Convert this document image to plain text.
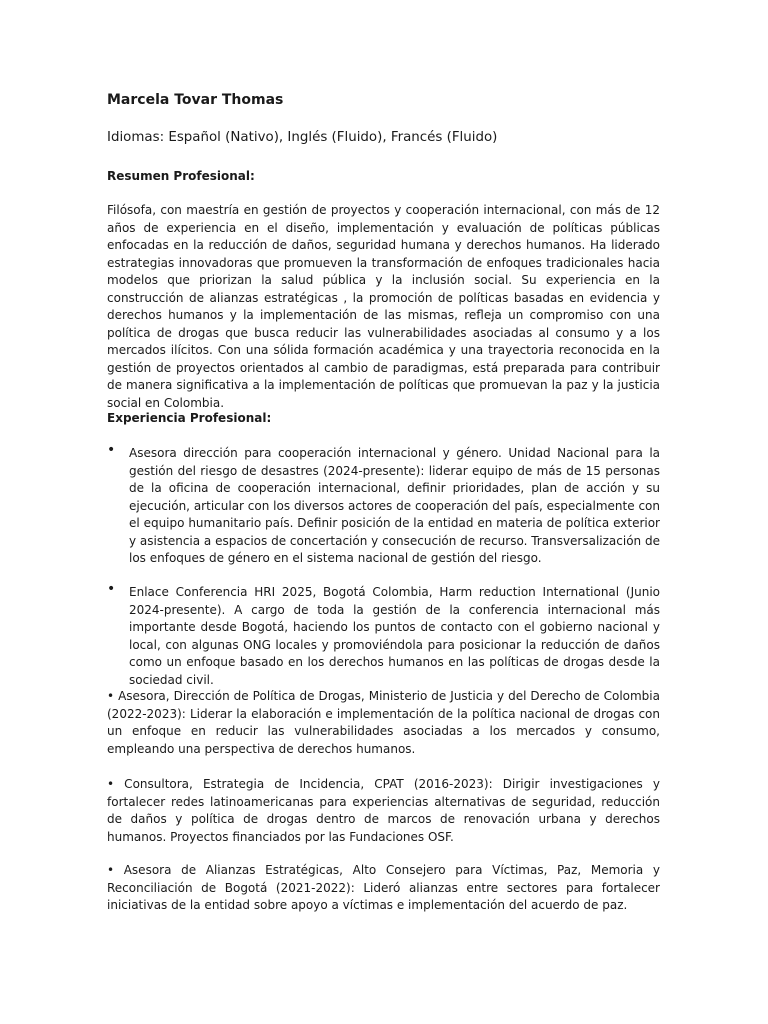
Marcela Tovar Thomas

Idiomas: Español (Nativo), Inglés (Fluido), Francés (Fluido)

Resumen Profesional:

Filósofa, con maestría en gestión de proyectos y cooperación internacional, con más de 12 años de experiencia en el diseño, implementación y evaluación de políticas públicas enfocadas en la reducción de daños, seguridad humana y derechos humanos. Ha liderado estrategias innovadoras que promueven la transformación de enfoques tradicionales hacia modelos que priorizan la salud pública y la inclusión social. Su experiencia en la construcción de alianzas estratégicas , la promoción de políticas basadas en evidencia y derechos humanos y la implementación de las mismas, refleja un compromiso con una política de drogas que busca reducir las vulnerabilidades asociadas al consumo y a los mercados ilícitos. Con una sólida formación académica y una trayectoria reconocida en la gestión de proyectos orientados al cambio de paradigmas, está preparada para contribuir de manera significativa a la implementación de políticas que promuevan la paz y la justicia social en Colombia.

Experiencia Profesional:
• Asesora dirección para cooperación internacional y género. Unidad Nacional para la gestión del riesgo de desastres (2024-presente): liderar equipo de más de 15 personas de la oficina de cooperación internacional, definir prioridades, plan de acción y su ejecución, articular con los diversos actores de cooperación del país, especialmente con el equipo humanitario país. Definir posición de la entidad en materia de política exterior y asistencia a espacios de concertación y consecución de recurso. Transversalización de los enfoques de género en el sistema nacional de gestión del riesgo.

• Enlace Conferencia HRI 2025, Bogotá Colombia, Harm reduction International (Junio 2024-presente). A cargo de toda la gestión de la conferencia internacional más importante desde Bogotá, haciendo los puntos de contacto con el gobierno nacional y local, con algunas ONG locales y promoviéndola para posicionar la reducción de daños como un enfoque basado en los derechos humanos en las políticas de drogas desde la sociedad civil.

• Asesora, Dirección de Política de Drogas, Ministerio de Justicia y del Derecho de Colombia (2022-2023): Liderar la elaboración e implementación de la política nacional de drogas con un enfoque en reducir las vulnerabilidades asociadas a los mercados y consumo, empleando una perspectiva de derechos humanos.

• Consultora, Estrategia de Incidencia, CPAT (2016-2023): Dirigir investigaciones y fortalecer redes latinoamericanas para experiencias alternativas de seguridad, reducción de daños y política de drogas dentro de marcos de renovación urbana y derechos humanos. Proyectos financiados por las Fundaciones OSF.

• Asesora de Alianzas Estratégicas, Alto Consejero para Víctimas, Paz, Memoria y Reconciliación de Bogotá (2021-2022): Lideró alianzas entre sectores para fortalecer iniciativas de la entidad sobre apoyo a víctimas e implementación del acuerdo de paz.
